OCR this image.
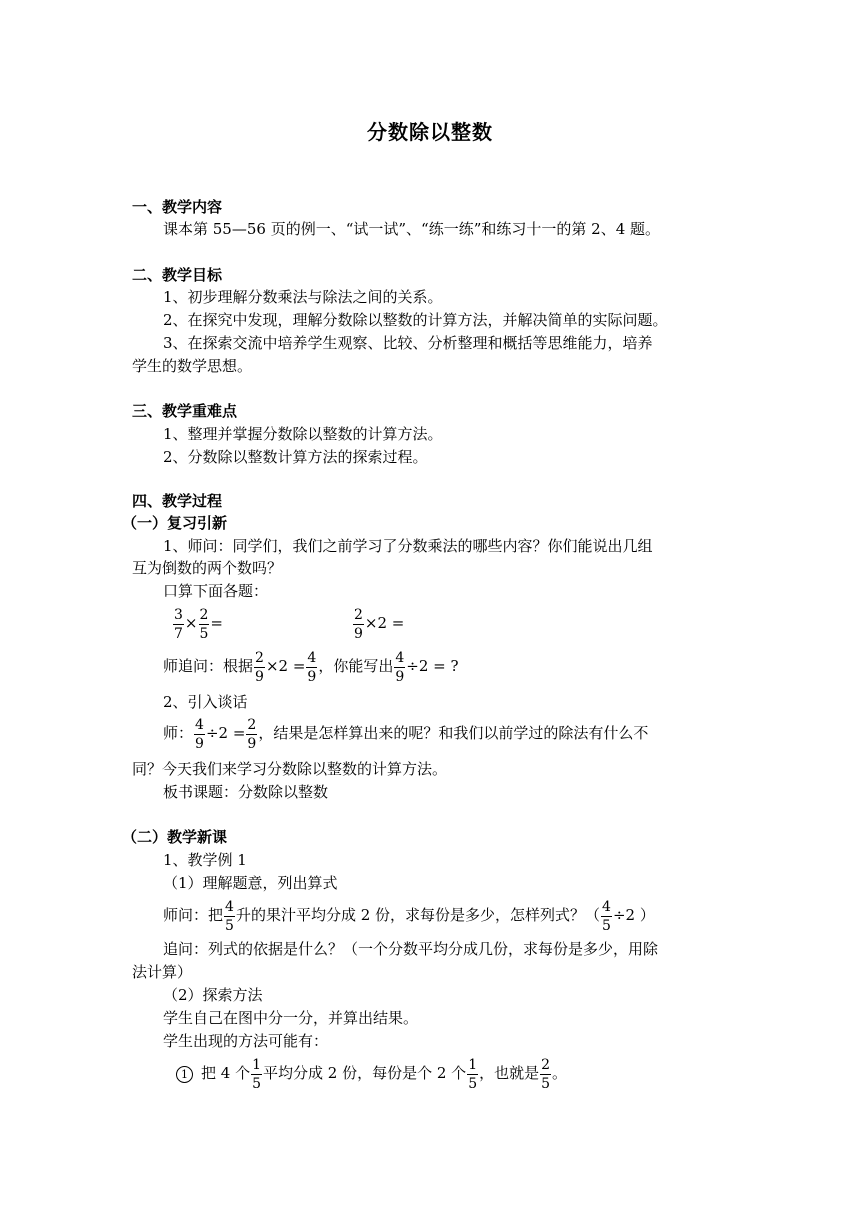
分数除以整数
一、教学内容
课本第 55—56 页的例一、“试一试”、“练一练”和练习十一的第 2、4 题。
二、教学目标
1、初步理解分数乘法与除法之间的关系。
2、在探究中发现，理解分数除以整数的计算方法，并解决简单的实际问题。
3、在探索交流中培养学生观察、比较、分析整理和概括等思维能力，培养
学生的数学思想。
三、教学重难点
1、整理并掌握分数除以整数的计算方法。
2、分数除以整数计算方法的探索过程。
四、教学过程
（一）复习引新
1、师问：同学们，我们之前学习了分数乘法的哪些内容？你们能说出几组
互为倒数的两个数吗？
口算下面各题：
$\frac{3}{7} \times \frac{2}{5}$ =	$\frac{2}{9} \times 2$ =
师追问：根据 $\frac{2}{9} \times 2 = \frac{4}{9}$ ，你能写出 $\frac{4}{9} \div 2$ = ?
2、引入谈话
师： $\frac{4}{9} \div 2 = \frac{2}{9}$ ，结果是怎样算出来的呢？和我们以前学过的除法有什么不
同？今天我们来学习分数除以整数的计算方法。
板书课题：分数除以整数
（二）教学新课
1、教学例 1
（1）理解题意，列出算式
师问：把 $\frac{4}{5}$ 升的果汁平均分成 2 份，求每份是多少，怎样列式？（ $\frac{4}{5} \div 2$ ）
追问：列式的依据是什么？（一个分数平均分成几份，求每份是多少，用除
法计算）
（2）探索方法
学生自己在图中分一分，并算出结果。
学生出现的方法可能有：
1 把 4 个 $\frac{1}{5}$ 平均分成 2 份，每份是个 2 个 $\frac{1}{5}$ ，也就是 $\frac{2}{5}$ 。
